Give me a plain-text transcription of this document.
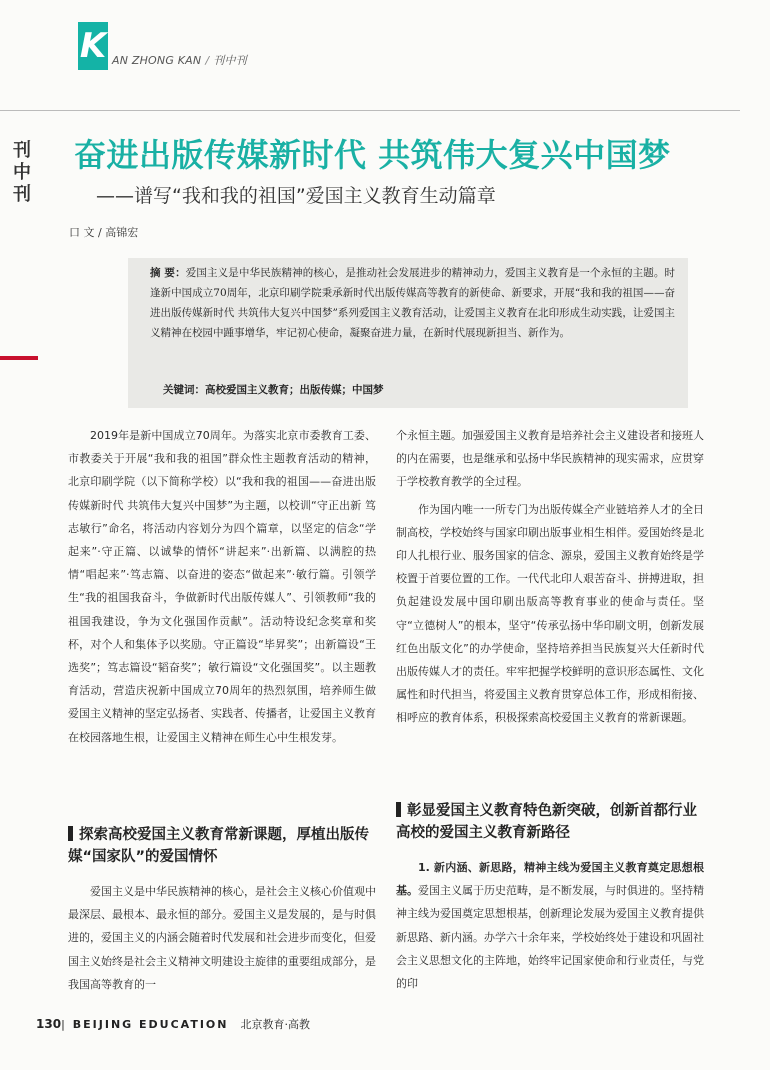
K AN ZHONG KAN / 刊中刊
刊
中
刊
奋进出版传媒新时代 共筑伟大复兴中国梦
——谱写“我和我的祖国”爱国主义教育生动篇章
口 文 / 高锦宏
摘 要：爱国主义是中华民族精神的核心，是推动社会发展进步的精神动力，爱国主义教育是一个永恒的主题。时逢新中国成立70周年，北京印刷学院秉承新时代出版传媒高等教育的新使命、新要求，开展“我和我的祖国——奋进出版传媒新时代 共筑伟大复兴中国梦”系列爱国主义教育活动，让爱国主义教育在北印形成生动实践，让爱国主义精神在校园中踵事增华，牢记初心使命，凝聚奋进力量，在新时代展现新担当、新作为。
关键词：高校爱国主义教育；出版传媒；中国梦

2019年是新中国成立70周年。为落实北京市委教育工委、市教委关于开展“我和我的祖国”群众性主题教育活动的精神，北京印刷学院（以下简称学校）以“我和我的祖国——奋进出版传媒新时代 共筑伟大复兴中国梦”为主题，以校训“守正出新 笃志敏行”命名，将活动内容划分为四个篇章，以坚定的信念“学起来”·守正篇、以诚挚的情怀“讲起来”·出新篇、以满腔的热情“唱起来”·笃志篇、以奋进的姿态“做起来”·敏行篇。引领学生“我的祖国我奋斗，争做新时代出版传媒人”、引领教师“我的祖国我建设，争为文化强国作贡献”。活动特设纪念奖章和奖杯，对个人和集体予以奖励。守正篇设“毕昇奖”；出新篇设“王选奖”；笃志篇设“韬奋奖”；敏行篇设“文化强国奖”。以主题教育活动，营造庆祝新中国成立70周年的热烈氛围，培养师生做爱国主义精神的坚定弘扬者、实践者、传播者，让爱国主义教育在校园落地生根，让爱国主义精神在师生心中生根发芽。

探索高校爱国主义教育常新课题，厚植出版传媒“国家队”的爱国情怀

爱国主义是中华民族精神的核心，是社会主义核心价值观中最深层、最根本、最永恒的部分。爱国主义是发展的，是与时俱进的，爱国主义的内涵会随着时代发展和社会进步而变化，但爱国主义始终是社会主义精神文明建设主旋律的重要组成部分，是我国高等教育的一

个永恒主题。加强爱国主义教育是培养社会主义建设者和接班人的内在需要，也是继承和弘扬中华民族精神的现实需求，应贯穿于学校教育教学的全过程。

作为国内唯一一所专门为出版传媒全产业链培养人才的全日制高校，学校始终与国家印刷出版事业相生相伴。爱国始终是北印人扎根行业、服务国家的信念、源泉，爱国主义教育始终是学校置于首要位置的工作。一代代北印人艰苦奋斗、拼搏进取，担负起建设发展中国印刷出版高等教育事业的使命与责任。坚守“立德树人”的根本，坚守“传承弘扬中华印刷文明，创新发展红色出版文化”的办学使命，坚持培养担当民族复兴大任新时代出版传媒人才的责任。牢牢把握学校鲜明的意识形态属性、文化属性和时代担当，将爱国主义教育贯穿总体工作，形成相衔接、相呼应的教育体系，积极探索高校爱国主义教育的常新课题。

彰显爱国主义教育特色新突破，创新首都行业高校的爱国主义教育新路径

1. 新内涵、新思路，精神主线为爱国主义教育奠定思想根基。爱国主义属于历史范畴，是不断发展，与时俱进的。坚持精神主线为爱国奠定思想根基，创新理论发展为爱国主义教育提供新思路、新内涵。办学六十余年来，学校始终处于建设和巩固社会主义思想文化的主阵地，始终牢记国家使命和行业责任，与党的印

130| BEIJING EDUCATION 北京教育·高教
